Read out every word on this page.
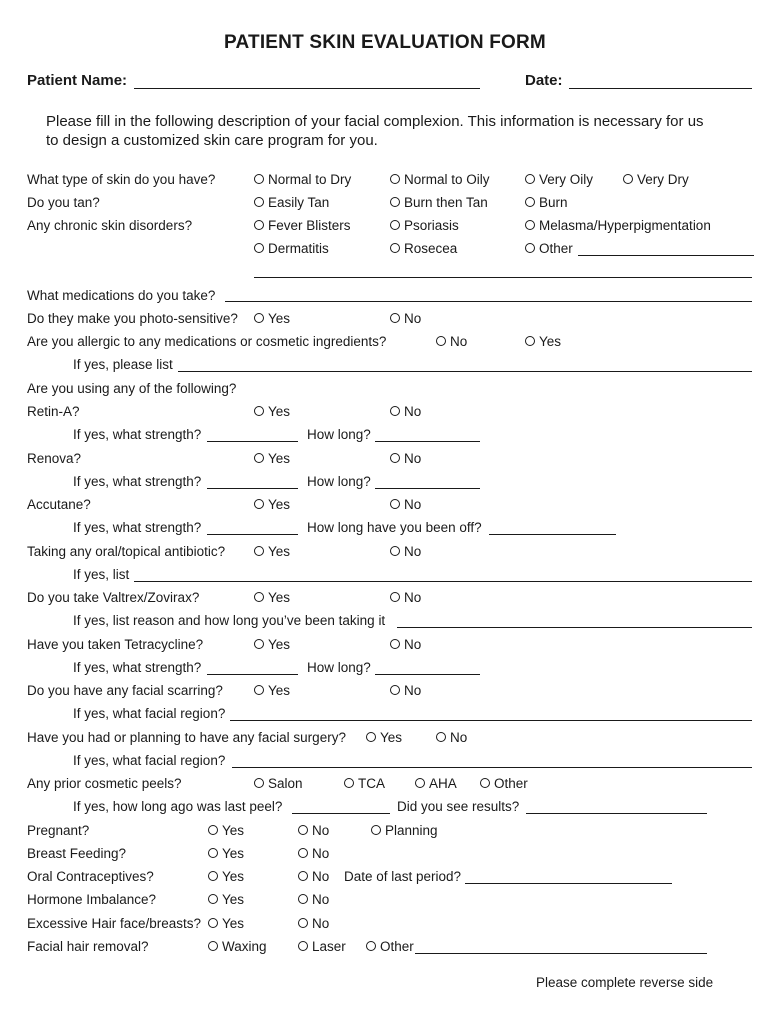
PATIENT SKIN EVALUATION FORM
Patient Name:	Date:
Please fill in the following description of your facial complexion. This information is necessary for us
to design a customized skin care program for you.
What type of skin do you have?	Normal to Dry	Normal to Oily	Very Oily	Very Dry
Do you tan?	Easily Tan	Burn then Tan	Burn
Any chronic skin disorders?	Fever Blisters	Psoriasis	Melasma/Hyperpigmentation
Dermatitis	Rosecea	Other
What medications do you take?
Do they make you photo-sensitive?	Yes	No
Are you allergic to any medications or cosmetic ingredients?	No	Yes
If yes, please list
Are you using any of the following?
Retin-A?	Yes	No
If yes, what strength?	How long?
Renova?	Yes	No
If yes, what strength?	How long?
Accutane?	Yes	No
If yes, what strength?	How long have you been off?
Taking any oral/topical antibiotic?	Yes	No
If yes, list
Do you take Valtrex/Zovirax?	Yes	No
If yes, list reason and how long you’ve been taking it
Have you taken Tetracycline?	Yes	No
If yes, what strength?	How long?
Do you have any facial scarring?	Yes	No
If yes, what facial region?
Have you had or planning to have any facial surgery?	Yes	No
If yes, what facial region?
Any prior cosmetic peels?	Salon	TCA	AHA	Other
If yes, how long ago was last peel?	Did you see results?
Pregnant?	Yes	No	Planning
Breast Feeding?	Yes	No
Oral Contraceptives?	Yes	No Date of last period?
Hormone Imbalance?	Yes	No
Excessive Hair face/breasts?	Yes	No
Facial hair removal?	Waxing	Laser	Other
Please complete reverse side
